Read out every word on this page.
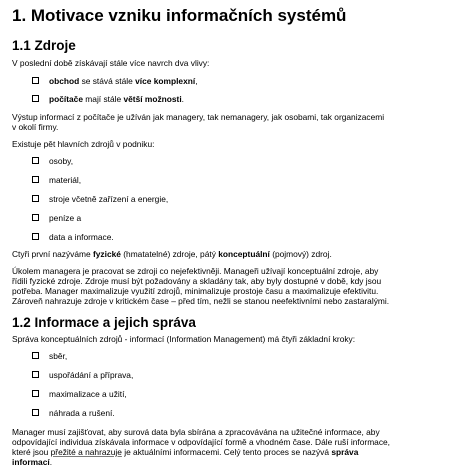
1. Motivace vzniku informačních systémů
1.1 Zdroje

V poslední době získávají stále více navrch dva vlivy:

obchod se stává stále více komplexní,
počítače mají stále větší možnosti.

Výstup informací z počítače je užíván jak managery, tak nemanagery, jak osobami, tak organizacemi

v okolí firmy.

Existuje pět hlavních zdrojů v podniku:

osoby,
materiál,
stroje včetně zařízení a energie,
peníze a
data a informace.

Ctyři první nazýváme fyzické (hmatatelné) zdroje, pátý konceptuální (pojmový) zdroj.

Úkolem managera je pracovat se zdroji co nejefektivněji. Manageři užívají konceptuální zdroje, aby

řídili fyzické zdroje. Zdroje musí být požadovány a skladány tak, aby byly dostupné v době, kdy jsou

potřeba. Manager maximalizuje využití zdrojů, minimalizuje prostoje času a maximalizuje efektivitu.

Zároveň nahrazuje zdroje v kritickém čase – před tím, nežli se stanou neefektivními nebo zastaralými.

1.2 Informace a jejich správa

Správa konceptuálních zdrojů - informací (Information Management) má čtyři základní kroky:

sběr,
uspořádání a příprava,
maximalizace a užití,
náhrada a rušení.

Manager musí zajišťovat, aby surová data byla sbírána a zpracovávána na užitečné informace, aby

odpovídající individua získávala informace v odpovídající formě a vhodném čase. Dále ruší informace,

které jsou přežité a nahrazuje je aktuálními informacemi. Celý tento proces se nazývá správa

informací.
